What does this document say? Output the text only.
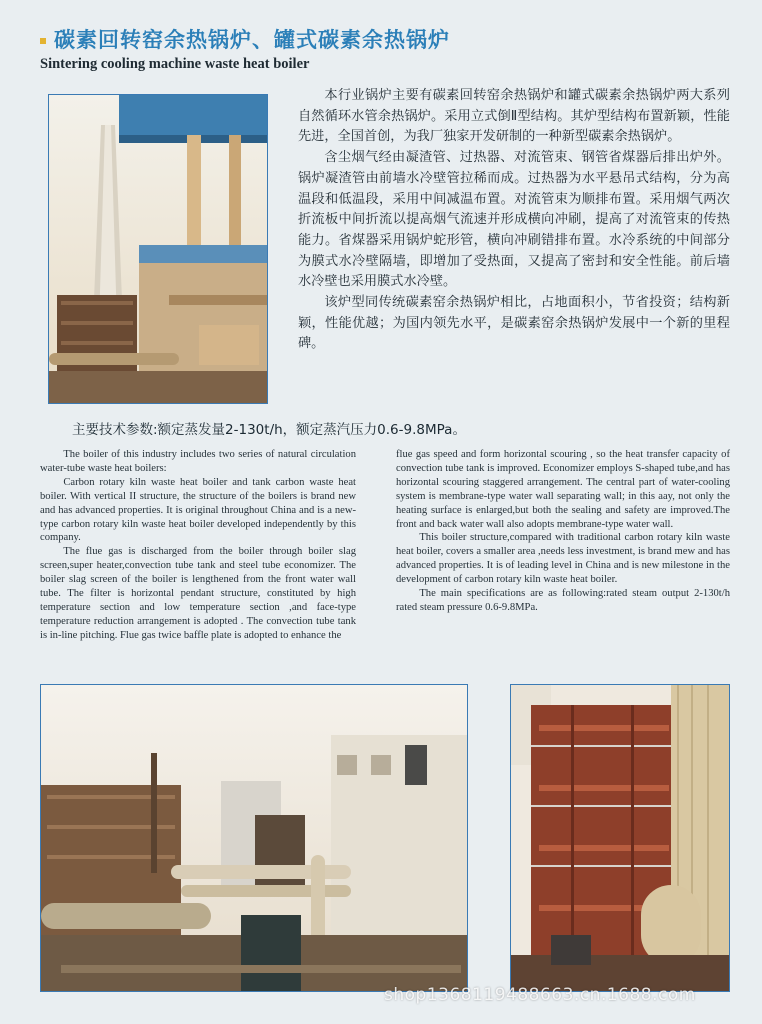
碳素回转窑余热锅炉、罐式碳素余热锅炉
Sintering cooling machine waste heat boiler

本行业锅炉主要有碳素回转窑余热锅炉和罐式碳素余热锅炉两大系列自然循环水管余热锅炉。采用立式倒Ⅱ型结构。其炉型结构布置新颖，性能先进，全国首创，为我厂独家开发研制的一种新型碳素余热锅炉。

含尘烟气经由凝渣管、过热器、对流管束、钢管省煤器后排出炉外。锅炉凝渣管由前墙水冷壁管拉稀而成。过热器为水平悬吊式结构，分为高温段和低温段，采用中间减温布置。对流管束为顺排布置。采用烟气两次折流板中间折流以提高烟气流速并形成横向冲刷，提高了对流管束的传热能力。省煤器采用锅炉蛇形管，横向冲刷错排布置。水冷系统的中间部分为膜式水冷壁隔墙，即增加了受热面，又提高了密封和安全性能。前后墙水冷壁也采用膜式水冷壁。

该炉型同传统碳素窑余热锅炉相比，占地面积小，节省投资；结构新颖，性能优越；为国内领先水平，是碳素窑余热锅炉发展中一个新的里程碑。

主要技术参数:额定蒸发量2-130t/h，额定蒸汽压力0.6-9.8MPa。

The boiler of this industry includes two series of natural circulation water-tube waste heat boilers:

Carbon rotary kiln waste heat boiler and tank carbon waste heat boiler. With vertical II structure, the structure of the boilers is brand new and has advanced properties. It is original throughout China and is a new-type carbon rotary kiln waste heat boiler developed independently by this company.

The flue gas is discharged from the boiler through boiler slag screen,super heater,convection tube tank and steel tube economizer. The boiler slag screen of the boiler is lengthened from the front water wall tube. The filter is horizontal pendant structure, constituted by high temperature section and low temperature section ,and face-type temperature reduction arrangement is adopted . The convection tube tank is in-line pitching. Flue gas twice baffle plate is adopted to enhance the

flue gas speed and form horizontal scouring , so the heat transfer capacity of convection tube tank is improved. Economizer employs S-shaped tube,and has horizontal scouring staggered arrangement. The central part of water-cooling system is membrane-type water wall separating wall; in this aay, not only the heating surface is enlarged,but both the sealing and safety are improved.The front and back water wall also adopts membrane-type water wall.

This boiler structure,compared with traditional carbon rotary kiln waste heat boiler, covers a smaller area ,needs less investment, is brand mew and has advanced properties. It is of leading level in China and is new milestone in the development of carbon rotary kiln waste heat boiler.

The main specifications are as following:rated steam output 2-130t/h rated steam pressure 0.6-9.8MPa.

shop1368119488663.cn.1688.com
